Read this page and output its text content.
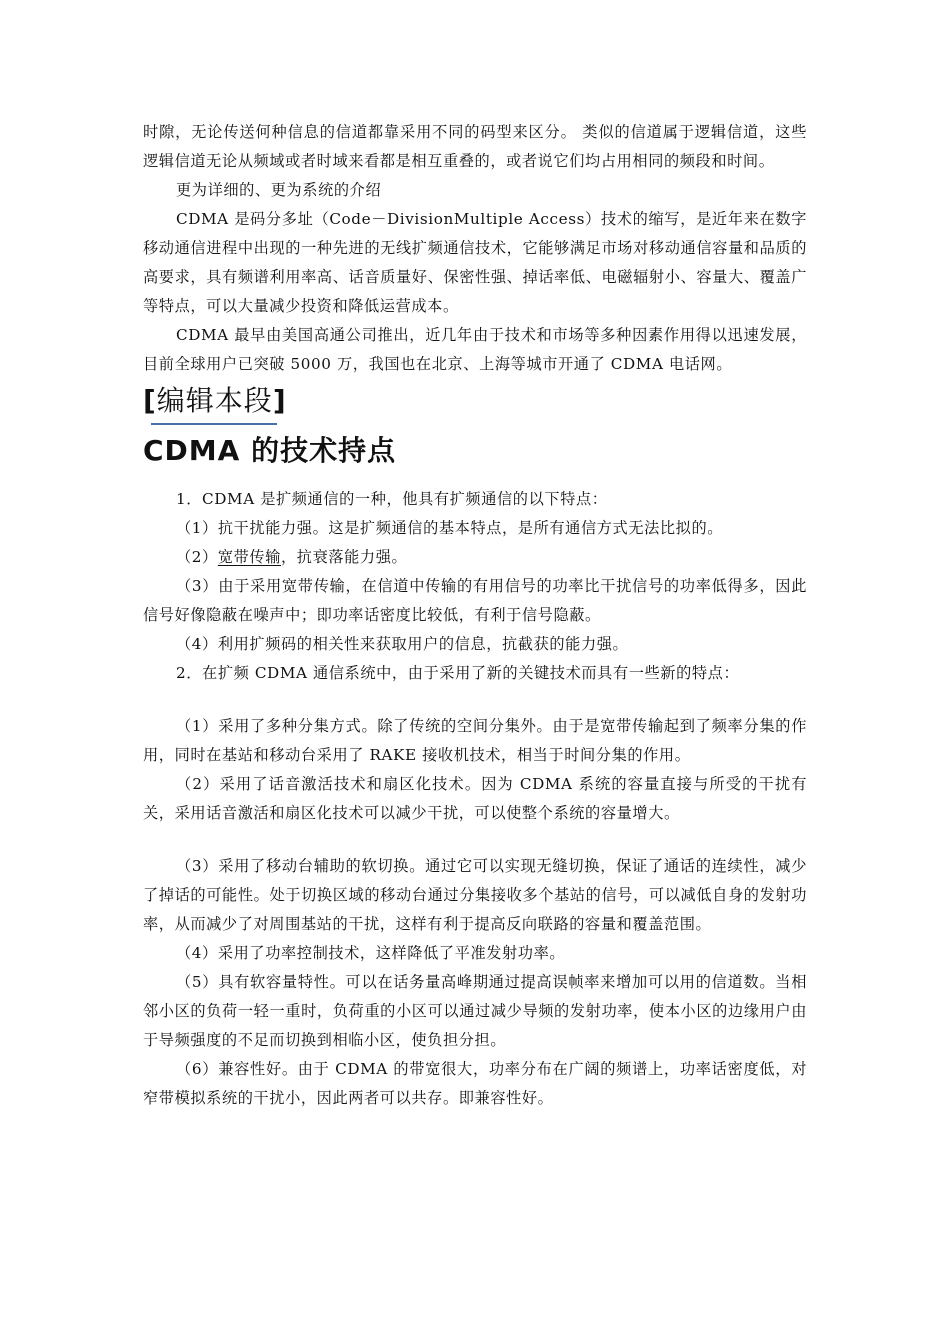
时隙，无论传送何种信息的信道都靠采用不同的码型来区分。 类似的信道属于逻辑信道，这些逻辑信道无论从频域或者时域来看都是相互重叠的，或者说它们均占用相同的频段和时间。

更为详细的、更为系统的介绍

CDMA 是码分多址（Code－DivisionMultiple Access）技术的缩写，是近年来在数字移动通信进程中出现的一种先进的无线扩频通信技术，它能够满足市场对移动通信容量和品质的高要求，具有频谱利用率高、话音质量好、保密性强、掉话率低、电磁辐射小、容量大、覆盖广等特点，可以大量减少投资和降低运营成本。

CDMA 最早由美国高通公司推出，近几年由于技术和市场等多种因素作用得以迅速发展，目前全球用户已突破 5000 万，我国也在北京、上海等城市开通了 CDMA 电话网。

[编辑本段]
CDMA 的技术持点

1．CDMA 是扩频通信的一种，他具有扩频通信的以下特点：

（1）抗干扰能力强。这是扩频通信的基本特点，是所有通信方式无法比拟的。

（2）宽带传输，抗衰落能力强。

（3）由于采用宽带传输，在信道中传输的有用信号的功率比干扰信号的功率低得多，因此信号好像隐蔽在噪声中；即功率话密度比较低，有利于信号隐蔽。

（4）利用扩频码的相关性来获取用户的信息，抗截获的能力强。

2．在扩频 CDMA 通信系统中，由于采用了新的关键技术而具有一些新的特点：

（1）采用了多种分集方式。除了传统的空间分集外。由于是宽带传输起到了频率分集的作用，同时在基站和移动台采用了 RAKE 接收机技术，相当于时间分集的作用。

（2）采用了话音激活技术和扇区化技术。因为 CDMA 系统的容量直接与所受的干扰有关，采用话音激活和扇区化技术可以减少干扰，可以使整个系统的容量增大。

（3）采用了移动台辅助的软切换。通过它可以实现无缝切换，保证了通话的连续性，减少了掉话的可能性。处于切换区域的移动台通过分集接收多个基站的信号，可以减低自身的发射功率，从而减少了对周围基站的干扰，这样有利于提高反向联路的容量和覆盖范围。

（4）采用了功率控制技术，这样降低了平准发射功率。

（5）具有软容量特性。可以在话务量高峰期通过提高误帧率来增加可以用的信道数。当相邻小区的负荷一轻一重时，负荷重的小区可以通过减少导频的发射功率，使本小区的边缘用户由于导频强度的不足而切换到相临小区，使负担分担。

（6）兼容性好。由于 CDMA 的带宽很大，功率分布在广阔的频谱上，功率话密度低，对窄带模拟系统的干扰小，因此两者可以共存。即兼容性好。
